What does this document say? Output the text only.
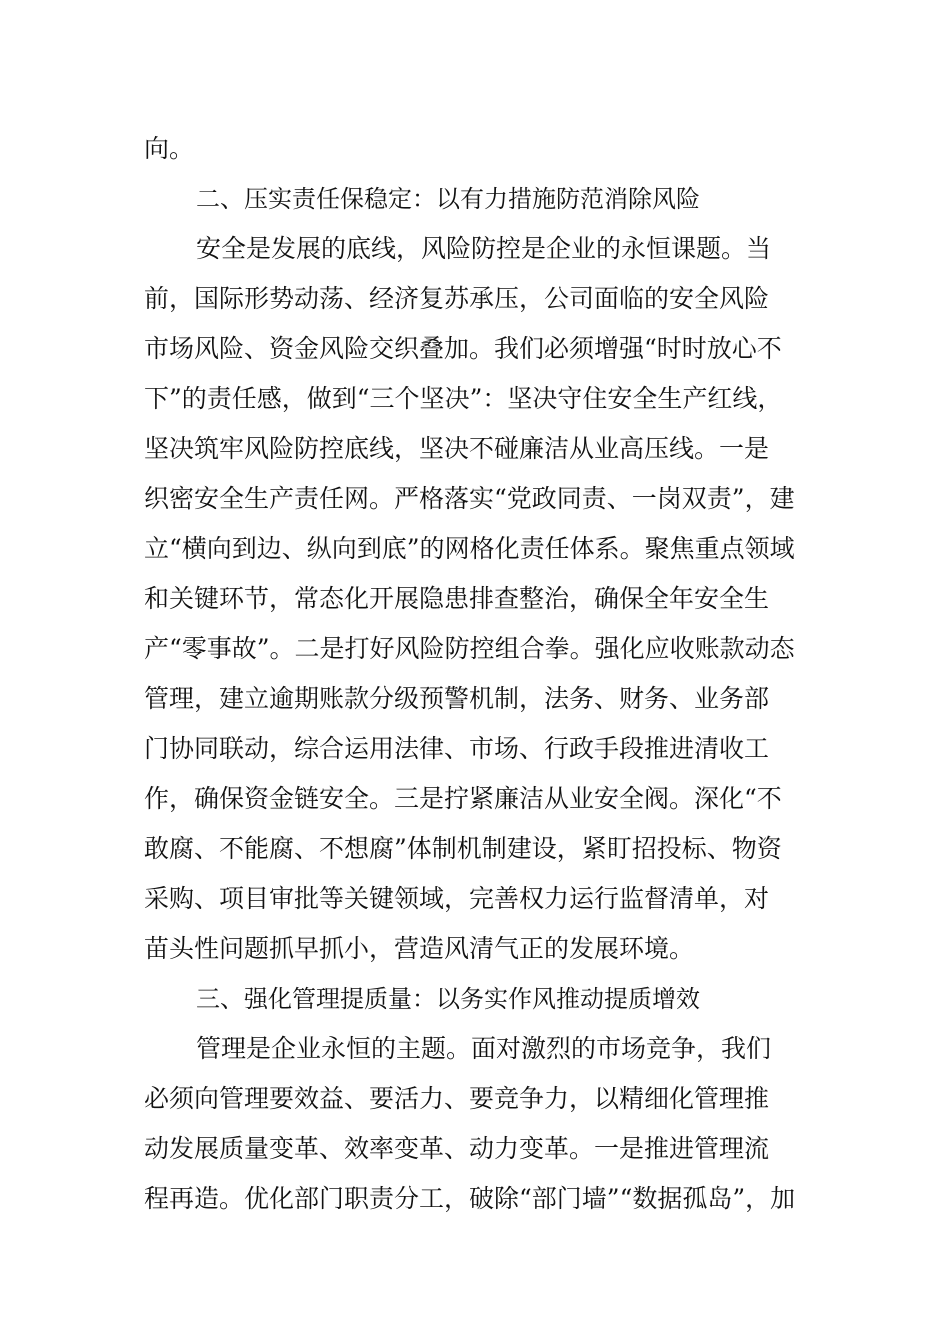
向。
二、压实责任保稳定：以有力措施防范消除风险
安全是发展的底线，风险防控是企业的永恒课题。当
前，国际形势动荡、经济复苏承压，公司面临的安全风险
市场风险、资金风险交织叠加。我们必须增强“时时放心不
下”的责任感，做到“三个坚决”：坚决守住安全生产红线，
坚决筑牢风险防控底线，坚决不碰廉洁从业高压线。一是
织密安全生产责任网。严格落实“党政同责、一岗双责”，建
立“横向到边、纵向到底”的网格化责任体系。聚焦重点领域
和关键环节，常态化开展隐患排查整治，确保全年安全生
产“零事故”。二是打好风险防控组合拳。强化应收账款动态
管理，建立逾期账款分级预警机制，法务、财务、业务部
门协同联动，综合运用法律、市场、行政手段推进清收工
作，确保资金链安全。三是拧紧廉洁从业安全阀。深化“不
敢腐、不能腐、不想腐”体制机制建设，紧盯招投标、物资
采购、项目审批等关键领域，完善权力运行监督清单，对
苗头性问题抓早抓小，营造风清气正的发展环境。
三、强化管理提质量：以务实作风推动提质增效
管理是企业永恒的主题。面对激烈的市场竞争，我们
必须向管理要效益、要活力、要竞争力，以精细化管理推
动发展质量变革、效率变革、动力变革。一是推进管理流
程再造。优化部门职责分工，破除“部门墙”“数据孤岛”，加
